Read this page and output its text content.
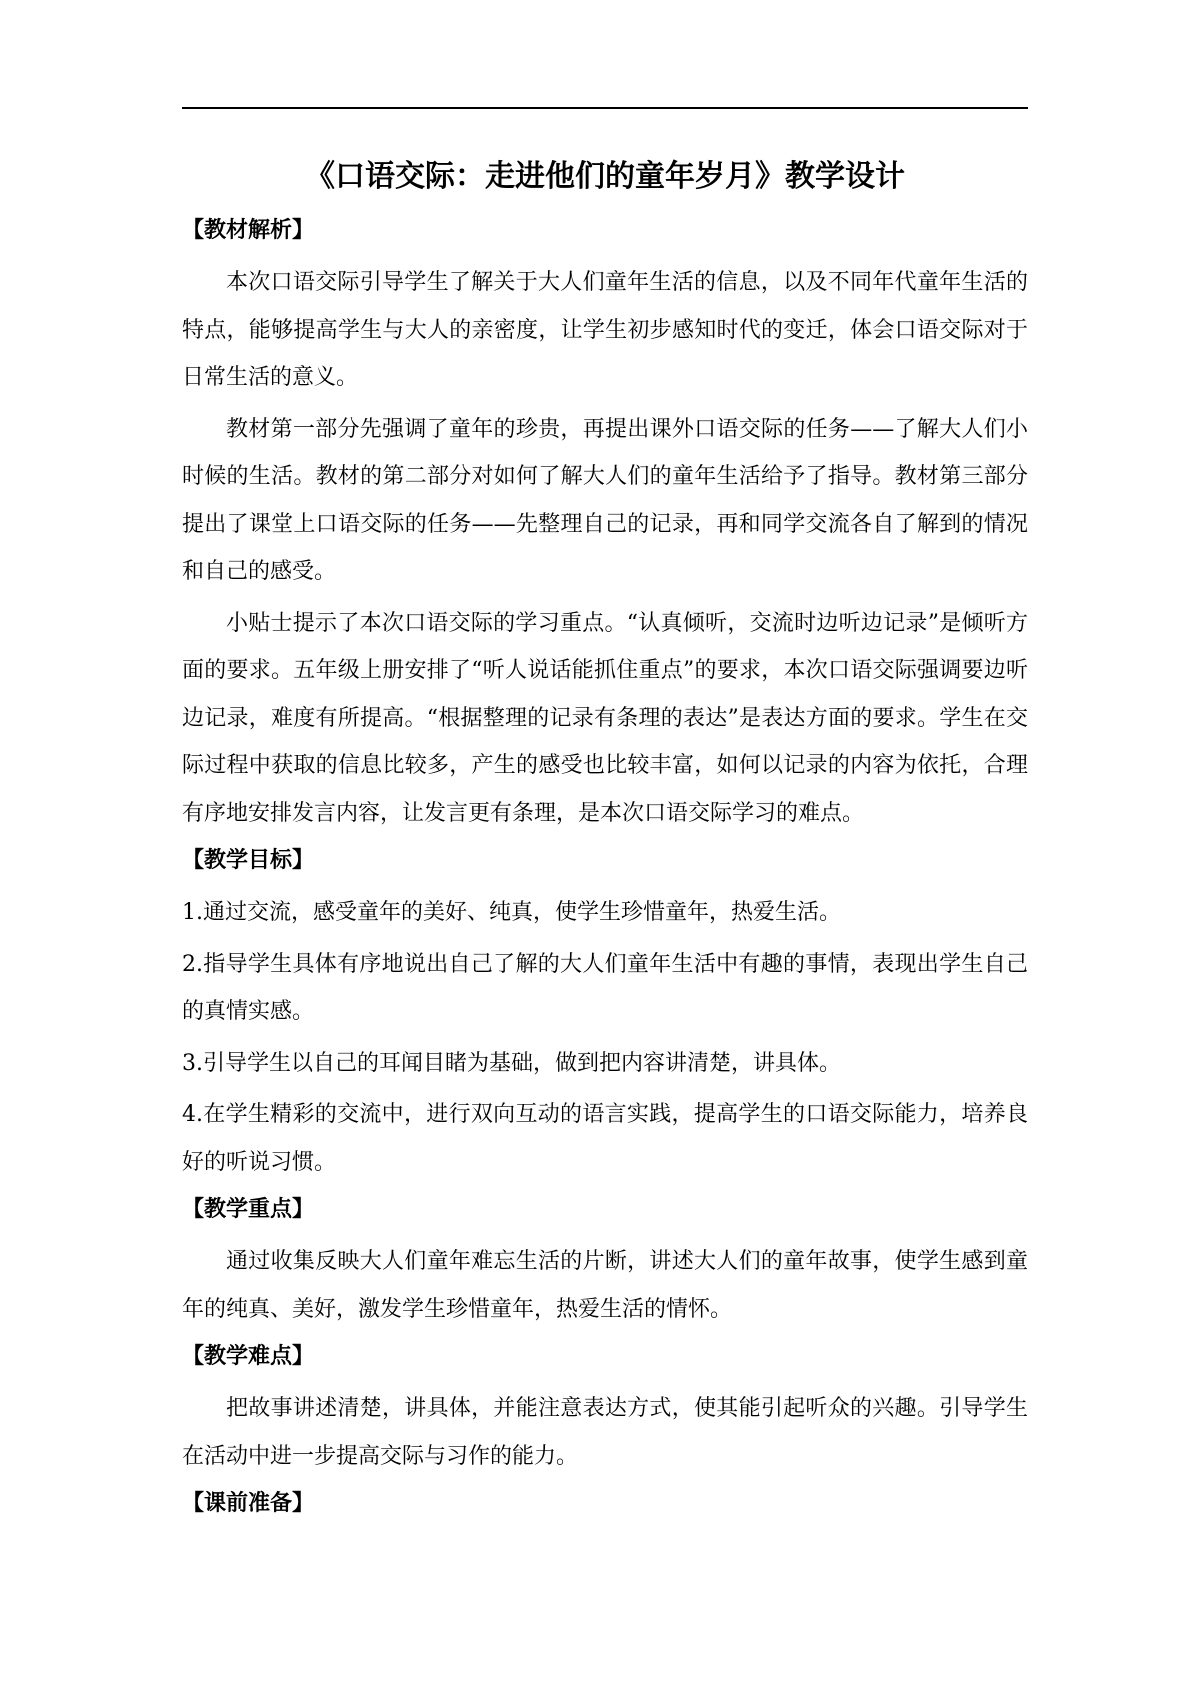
《口语交际：走进他们的童年岁月》教学设计
【教材解析】

本次口语交际引导学生了解关于大人们童年生活的信息，以及不同年代童年生活的特点，能够提高学生与大人的亲密度，让学生初步感知时代的变迁，体会口语交际对于日常生活的意义。

教材第一部分先强调了童年的珍贵，再提出课外口语交际的任务——了解大人们小时候的生活。教材的第二部分对如何了解大人们的童年生活给予了指导。教材第三部分提出了课堂上口语交际的任务——先整理自己的记录，再和同学交流各自了解到的情况和自己的感受。

小贴士提示了本次口语交际的学习重点。“认真倾听，交流时边听边记录”是倾听方面的要求。五年级上册安排了“听人说话能抓住重点”的要求，本次口语交际强调要边听边记录，难度有所提高。“根据整理的记录有条理的表达”是表达方面的要求。学生在交际过程中获取的信息比较多，产生的感受也比较丰富，如何以记录的内容为依托，合理有序地安排发言内容，让发言更有条理，是本次口语交际学习的难点。

【教学目标】

1.通过交流，感受童年的美好、纯真，使学生珍惜童年，热爱生活。

2.指导学生具体有序地说出自己了解的大人们童年生活中有趣的事情，表现出学生自己的真情实感。

3.引导学生以自己的耳闻目睹为基础，做到把内容讲清楚，讲具体。

4.在学生精彩的交流中，进行双向互动的语言实践，提高学生的口语交际能力，培养良好的听说习惯。

【教学重点】

通过收集反映大人们童年难忘生活的片断，讲述大人们的童年故事，使学生感到童年的纯真、美好，激发学生珍惜童年，热爱生活的情怀。

【教学难点】

把故事讲述清楚，讲具体，并能注意表达方式，使其能引起听众的兴趣。引导学生在活动中进一步提高交际与习作的能力。

【课前准备】
